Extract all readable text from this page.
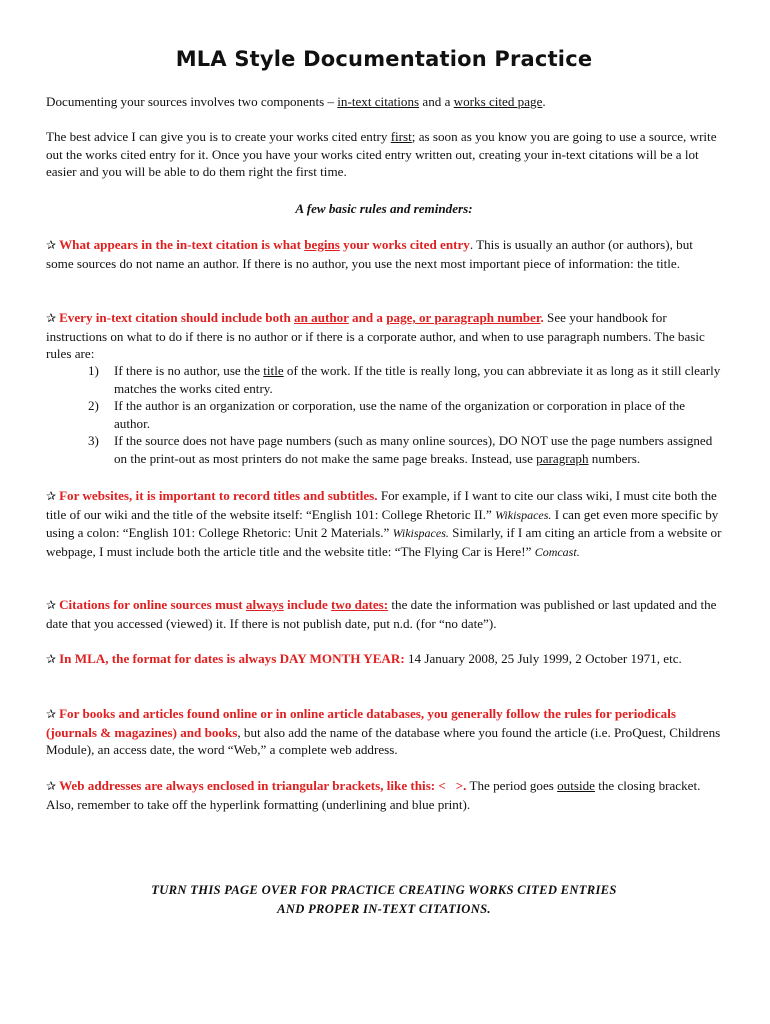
MLA Style Documentation Practice

Documenting your sources involves two components – in-text citations and a works cited page.

The best advice I can give you is to create your works cited entry first; as soon as you know you are going to use a source, write out the works cited entry for it. Once you have your works cited entry written out, creating your in-text citations will be a lot easier and you will be able to do them right the first time.

A few basic rules and reminders:

✰ What appears in the in-text citation is what begins your works cited entry. This is usually an author (or authors), but some sources do not name an author. If there is no author, you use the next most important piece of information: the title.

✰ Every in-text citation should include both an author and a page, or paragraph number. See your handbook for instructions on what to do if there is no author or if there is a corporate author, and when to use paragraph numbers. The basic rules are:

1) If there is no author, use the title of the work. If the title is really long, you can abbreviate it as long as it still clearly matches the works cited entry.
2) If the author is an organization or corporation, use the name of the organization or corporation in place of the author.
3) If the source does not have page numbers (such as many online sources), DO NOT use the page numbers assigned on the print-out as most printers do not make the same page breaks. Instead, use paragraph numbers.

✰ For websites, it is important to record titles and subtitles. For example, if I want to cite our class wiki, I must cite both the title of our wiki and the title of the website itself: “English 101: College Rhetoric II.” Wikispaces. I can get even more specific by using a colon: “English 101: College Rhetoric: Unit 2 Materials.” Wikispaces. Similarly, if I am citing an article from a website or webpage, I must include both the article title and the website title: “The Flying Car is Here!” Comcast.

✰ Citations for online sources must always include two dates: the date the information was published or last updated and the date that you accessed (viewed) it. If there is not publish date, put n.d. (for “no date”).

✰ In MLA, the format for dates is always DAY MONTH YEAR: 14 January 2008, 25 July 1999, 2 October 1971, etc.

✰ For books and articles found online or in online article databases, you generally follow the rules for periodicals (journals & magazines) and books, but also add the name of the database where you found the article (i.e. ProQuest, Childrens Module), an access date, the word “Web,” a complete web address.

✰ Web addresses are always enclosed in triangular brackets, like this: <   >. The period goes outside the closing bracket. Also, remember to take off the hyperlink formatting (underlining and blue print).

TURN THIS PAGE OVER FOR PRACTICE CREATING WORKS CITED ENTRIES
AND PROPER IN-TEXT CITATIONS.
